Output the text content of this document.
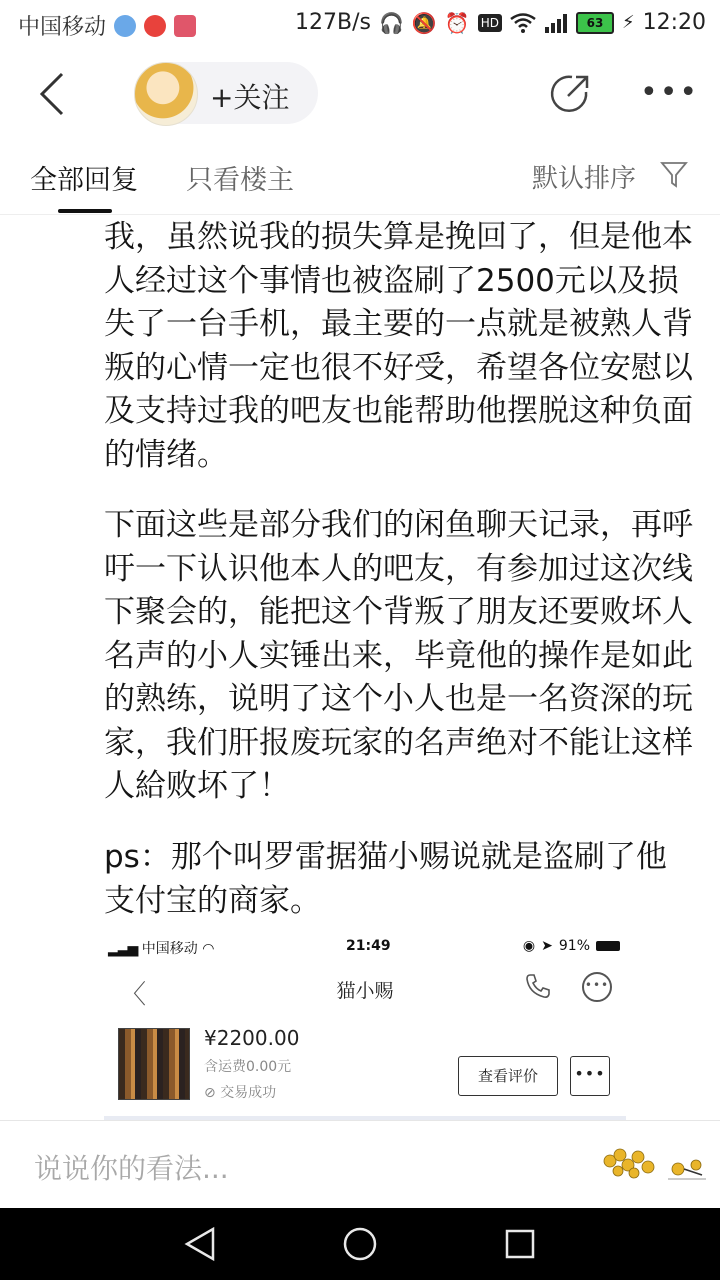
中国移动	127B/s 🎧 🔕 ⏰ HD	63	⚡ 12:20
+关注	•••
全部回复 只看楼主	默认排序

我，虽然说我的损失算是挽回了，但是他本人经过这个事情也被盗刷了2500元以及损失了一台手机，最主要的一点就是被熟人背叛的心情一定也很不好受，希望各位安慰以及支持过我的吧友也能帮助他摆脱这种负面的情绪。

下面这些是部分我们的闲鱼聊天记录，再呼吁一下认识他本人的吧友，有参加过这次线下聚会的，能把这个背叛了朋友还要败坏人名声的小人实锤出来，毕竟他的操作是如此的熟练，说明了这个小人也是一名资深的玩家，我们肝报废玩家的名声绝对不能让这样人給败坏了！

ps：那个叫罗雷据猫小赐说就是盗刷了他支付宝的商家。

▂▃▅ 中国移动 ◠	21:49	◉ ➤ 91%
〈	猫小赐	•••
¥2200.00
含运费0.00元
⊘ 交易成功
查看评价	•••
说说你的看法...
